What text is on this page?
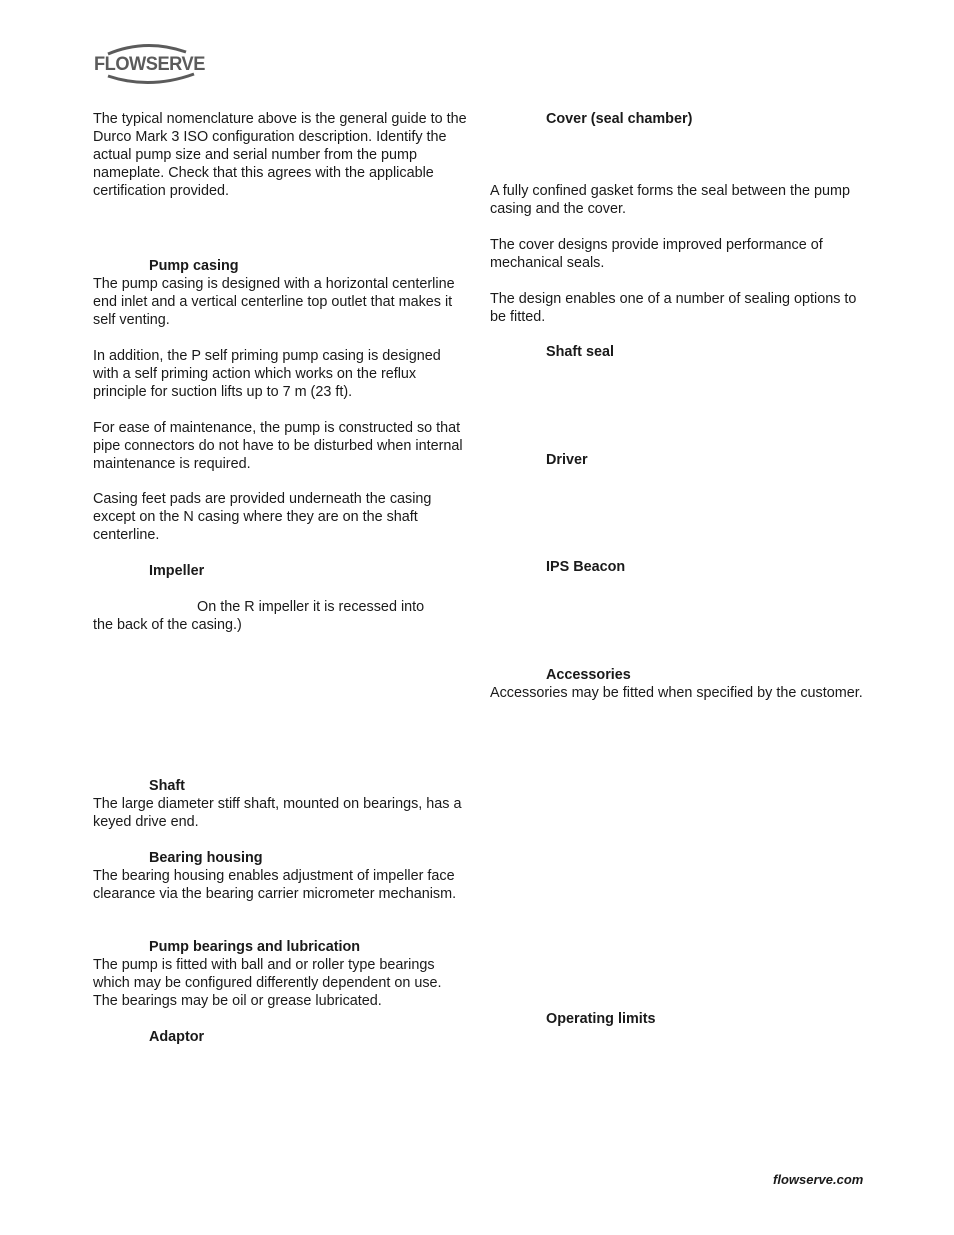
FLOWSERVE

The typical nomenclature above is the general guide to the Durco Mark 3 ISO configuration description. Identify the actual pump size and serial number from the pump nameplate. Check that this agrees with the applicable certification provided.

Pump casing

The pump casing is designed with a horizontal centerline end inlet and a vertical centerline top outlet that makes it self venting.

In addition, the P self priming pump casing is designed with a self priming action which works on the reflux principle for suction lifts up to 7 m (23 ft).

For ease of maintenance, the pump is constructed so that pipe connectors do not have to be disturbed when internal maintenance is required.

Casing feet pads are provided underneath the casing except on the N casing where they are on the shaft centerline.

Impeller

On the R impeller it is recessed into

the back of the casing.)

Shaft

The large diameter stiff shaft, mounted on bearings, has a keyed drive end.

Bearing housing

The bearing housing enables adjustment of impeller face clearance via the bearing carrier micrometer mechanism.

Pump bearings and lubrication

The pump is fitted with ball and or roller type bearings which may be configured differently dependent on use. The bearings may be oil or grease lubricated.

Adaptor

Cover (seal chamber)

A fully confined gasket forms the seal between the pump casing and the cover.

The cover designs provide improved performance of mechanical seals.

The design enables one of a number of sealing options to be fitted.

Shaft seal

Driver

IPS Beacon

Accessories

Accessories may be fitted when specified by the customer.

Operating limits

flowserve.com
